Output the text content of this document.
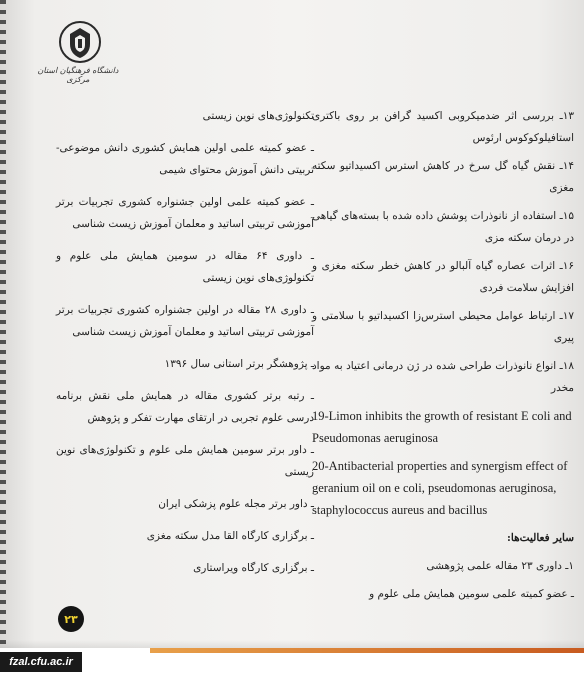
دانشگاه فرهنگیان استان مرکزی

۱۳ـ بررسی اثر ضدمیکروبی اکسید گرافن بر روی باکتری استافیلوکوکوس ارئوس

۱۴ـ نقش گیاه گل سرخ در کاهش استرس اکسیداتیو سکته مغزی

۱۵ـ استفاده از نانوذرات پوشش داده شده با بسته‌های گیاهی در درمان سکته مزی

۱۶ـ اثرات عصاره گیاه آلبالو در کاهش خطر سکته مغزی و افزایش سلامت فردی

۱۷ـ ارتباط عوامل محیطی استرس‌زا اکسیداتیو با سلامتی و پیری

۱۸ـ انواع نانوذرات طراحی شده در ژن درمانی اعتیاد به مواد مخدر

19-Limon inhibits the growth of resistant E coli and Pseudomonas aeruginosa

20-Antibacterial properties and synergism effect of geranium oil on e coli, pseudomonas aeruginosa, staphylococcus aureus and bacillus

سایر فعالیت‌ها:

۱ـ داوری ۲۳ مقاله علمی پژوهشی

ـ عضو کمیته علمی سومین همایش ملی علوم و

تکنولوژی‌های نوین زیستی

ـ عضو کمیته علمی اولین همایش کشوری دانش موضوعی- تربیتی دانش آموزش محتوای شیمی

ـ عضو کمیته علمی اولین جشنواره کشوری تجربیات برتر آموزشی تربیتی اساتید و معلمان آموزش زیست شناسی

ـ داوری ۶۴ مقاله در سومین همایش ملی علوم و تکنولوژی‌های نوین زیستی

ـ داوری ۲۸ مقاله در اولین جشنواره کشوری تجربیات برتر آموزشی تربیتی اساتید و معلمان آموزش زیست شناسی

ـ پژوهشگر برتر استانی سال ۱۳۹۶

ـ رتبه برتر کشوری مقاله در همایش ملی نقش برنامه درسی علوم تجربی در ارتقای مهارت تفکر و پژوهش

ـ داور برتر سومین همایش ملی علوم و تکنولوژی‌های نوین زیستی

ـ داور برتر مجله علوم پزشکی ایران

ـ برگزاری کارگاه القا مدل سکته مغزی

ـ برگزاری کارگاه ویراستاری

۲۳
fzal.cfu.ac.ir
